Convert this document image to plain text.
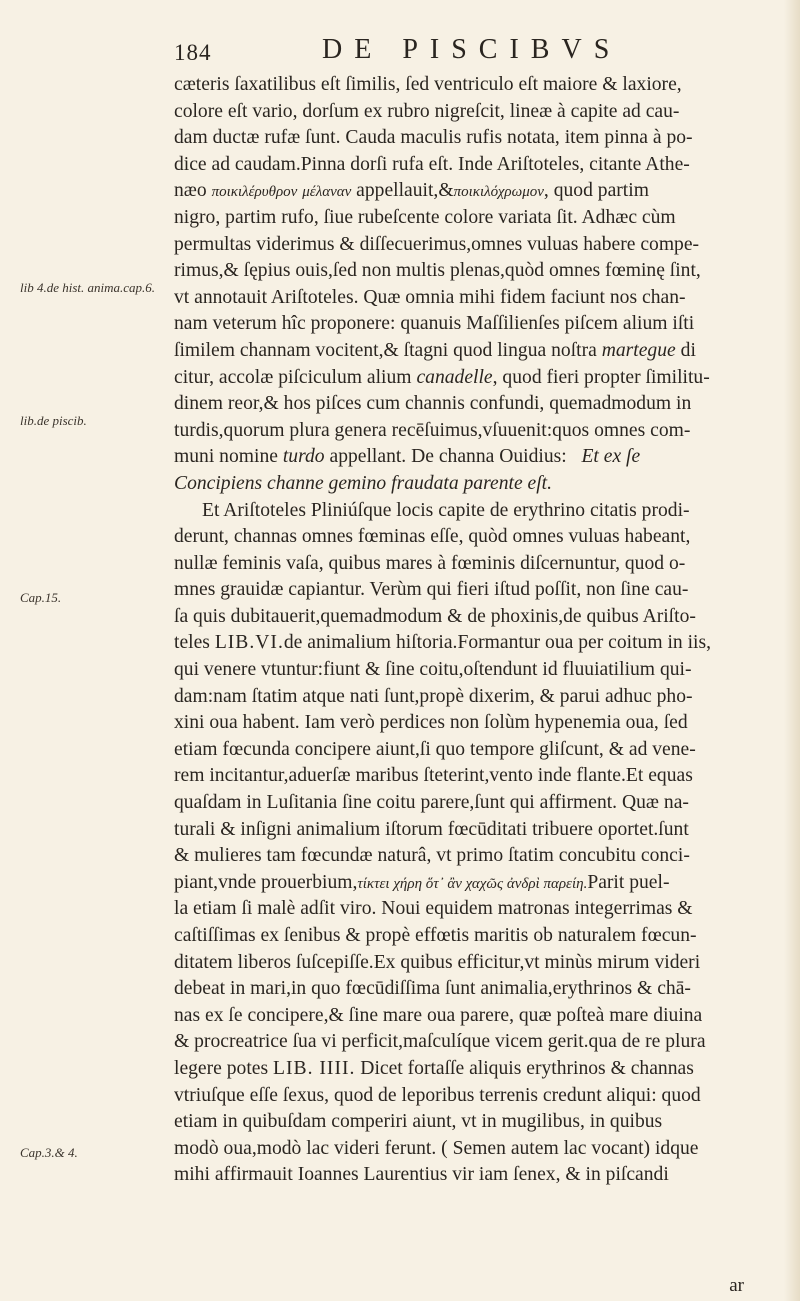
184	DE PISCIBVS
lib 4.de hist. anima.cap.6.
lib.de piscib.
Cap.15.
Cap.3.& 4.
cæteris ſaxatilibus eſt ſimilis, ſed ventriculo eſt maiore & laxiore,
colore eſt vario, dorſum ex rubro nigreſcit, lineæ à capite ad cau-
dam ductæ rufæ ſunt. Cauda maculis rufis notata, item pinna à po-
dice ad caudam.Pinna dorſi rufa eſt. Inde Ariſtoteles, citante Athe-
næo ποικιλέρυθρον μέλαναν appellauit,&ποικιλόχρωμον, quod partim
nigro, partim rufo, ſiue rubeſcente colore variata ſit. Adhæc cùm
permultas viderimus & diſſecuerimus,omnes vuluas habere compe-
rimus,& ſępius ouis,ſed non multis plenas,quòd omnes fœminę ſint,
vt annotauit Ariſtoteles. Quæ omnia mihi fidem faciunt nos chan-
nam veterum hîc proponere: quanuis Maſſilienſes piſcem alium iſti
ſimilem channam vocitent,& ſtagni quod lingua noſtra martegue di
citur, accolæ piſciculum alium canadelle, quod fieri propter ſimilitu-
dinem reor,& hos piſces cum channis confundi, quemadmodum in
turdis,quorum plura genera recēſuimus,vſuuenit:quos omnes com-
muni nomine turdo appellant. De channa Ouidius: Et ex ſe
Concipiens channe gemino fraudata parente eſt.
Et Ariſtoteles Pliniúſque locis capite de erythrino citatis prodi-
derunt, channas omnes fœminas eſſe, quòd omnes vuluas habeant,
nullæ feminis vaſa, quibus mares à fœminis diſcernuntur, quod o-
mnes grauidæ capiantur. Verùm qui fieri iſtud poſſit, non ſine cau-
ſa quis dubitauerit,quemadmodum & de phoxinis,de quibus Ariſto-
teles LIB.VI.de animalium hiſtoria.Formantur oua per coitum in iis,
qui venere vtuntur:fiunt & ſine coitu,oſtendunt id fluuiatilium qui-
dam:nam ſtatim atque nati ſunt,propè dixerim, & parui adhuc pho-
xini oua habent. Iam verò perdices non ſolùm hypenemia oua, ſed
etiam fœcunda concipere aiunt,ſi quo tempore gliſcunt, & ad vene-
rem incitantur,aduerſæ maribus ſteterint,vento inde flante.Et equas
quaſdam in Luſitania ſine coitu parere,ſunt qui affirment. Quæ na-
turali & inſigni animalium iſtorum fœcūditati tribuere oportet.ſunt
& mulieres tam fœcundæ naturâ, vt primo ſtatim concubitu conci-
piant,vnde prouerbium,τίκτει χήρη ὅτ᾽ ἂν χαχῶς ἀνδρὶ παρείη.Parit puel-
la etiam ſi malè adſit viro. Noui equidem matronas integerrimas &
caſtiſſimas ex ſenibus & propè effœtis maritis ob naturalem fœcun-
ditatem liberos ſuſcepiſſe.Ex quibus efficitur,vt minùs mirum videri
debeat in mari,in quo fœcūdiſſima ſunt animalia,erythrinos & chā-
nas ex ſe concipere,& ſine mare oua parere, quæ poſteà mare diuina
& procreatrice ſua vi perficit,maſculíque vicem gerit.qua de re plura
legere potes LIB. IIII. Dicet fortaſſe aliquis erythrinos & channas
vtriuſque eſſe ſexus, quod de leporibus terrenis credunt aliqui: quod
etiam in quibuſdam comperiri aiunt, vt in mugilibus, in quibus
modò oua,modò lac videri ferunt. ( Semen autem lac vocant) idque
mihi affirmauit Ioannes Laurentius vir iam ſenex, & in piſcandi
ar
